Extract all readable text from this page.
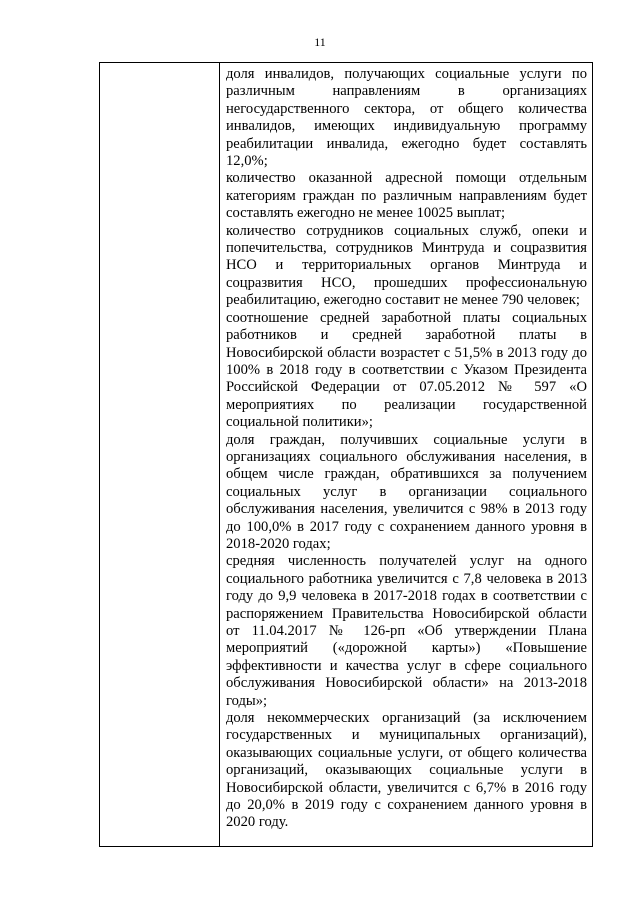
11

доля инвалидов, получающих социальные услуги по различным направлениям в организациях негосударственного сектора, от общего количества инвалидов, имеющих индивидуальную программу реабилитации инвалида, ежегодно будет составлять 12,0%;

количество оказанной адресной помощи отдельным категориям граждан по различным направлениям будет составлять ежегодно не менее 10025 выплат;

количество сотрудников социальных служб, опеки и попечительства, сотрудников Минтруда и соцразвития НСО и территориальных органов Минтруда и соцразвития НСО, прошедших профессиональную реабилитацию, ежегодно составит не менее 790 человек;

соотношение средней заработной платы социальных работников и средней заработной платы в Новосибирской области возрастет с 51,5% в 2013 году до 100% в 2018 году в соответствии с Указом Президента Российской Федерации от 07.05.2012 № 597 «О мероприятиях по реализации государственной социальной политики»;

доля граждан, получивших социальные услуги в организациях социального обслуживания населения, в общем числе граждан, обратившихся за получением социальных услуг в организации социального обслуживания населения, увеличится с 98% в 2013 году до 100,0% в 2017 году с сохранением данного уровня в 2018-2020 годах;

средняя численность получателей услуг на одного социального работника увеличится с 7,8 человека в 2013 году до 9,9 человека в 2017-2018 годах в соответствии с распоряжением Правительства Новосибирской области от 11.04.2017 № 126-рп «Об утверждении Плана мероприятий («дорожной карты») «Повышение эффективности и качества услуг в сфере социального обслуживания Новосибирской области» на 2013-2018 годы»;

доля некоммерческих организаций (за исключением государственных и муниципальных организаций), оказывающих социальные услуги, от общего количества организаций, оказывающих социальные услуги в Новосибирской области, увеличится с 6,7% в 2016 году до 20,0% в 2019 году с сохранением данного уровня в 2020 году.
